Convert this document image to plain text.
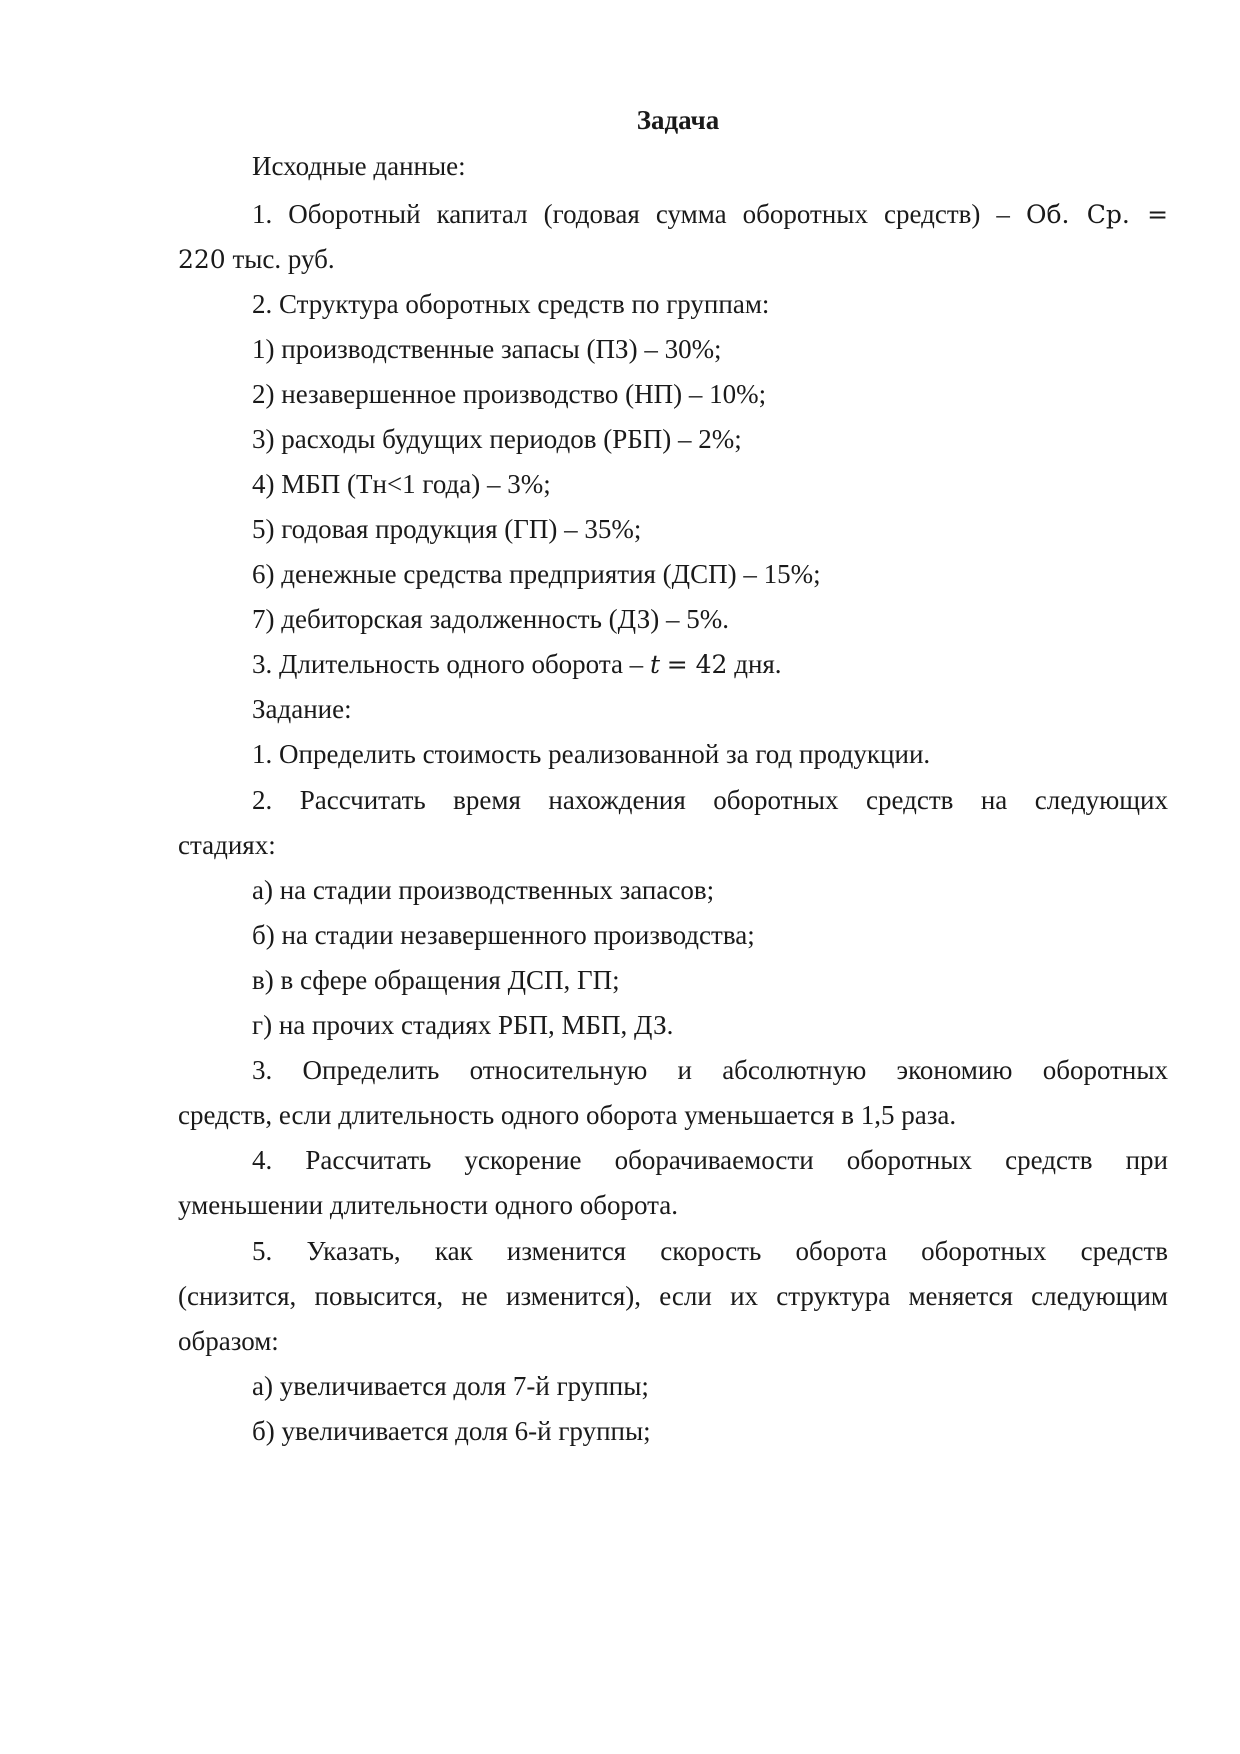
Задача
Исходные данные:
1. Оборотный капитал (годовая сумма оборотных средств) – Об. Ср. =
220 тыс. руб.
2. Структура оборотных средств по группам:
1) производственные запасы (ПЗ) – 30%;
2) незавершенное производство (НП) – 10%;
3) расходы будущих периодов (РБП) – 2%;
4) МБП (Тн<1 года) – 3%;
5) годовая продукция (ГП) – 35%;
6) денежные средства предприятия (ДСП) – 15%;
7) дебиторская задолженность (ДЗ) – 5%.
3. Длительность одного оборота – t = 42 дня.
Задание:
1. Определить стоимость реализованной за год продукции.
2. Рассчитать время нахождения оборотных средств на следующих
стадиях:
а) на стадии производственных запасов;
б) на стадии незавершенного производства;
в) в сфере обращения ДСП, ГП;
г) на прочих стадиях РБП, МБП, ДЗ.
3. Определить относительную и абсолютную экономию оборотных
средств, если длительность одного оборота уменьшается в 1,5 раза.
4. Рассчитать ускорение оборачиваемости оборотных средств при
уменьшении длительности одного оборота.
5. Указать, как изменится скорость оборота оборотных средств
(снизится, повысится, не изменится), если их структура меняется следующим
образом:
а) увеличивается доля 7-й группы;
б) увеличивается доля 6-й группы;
